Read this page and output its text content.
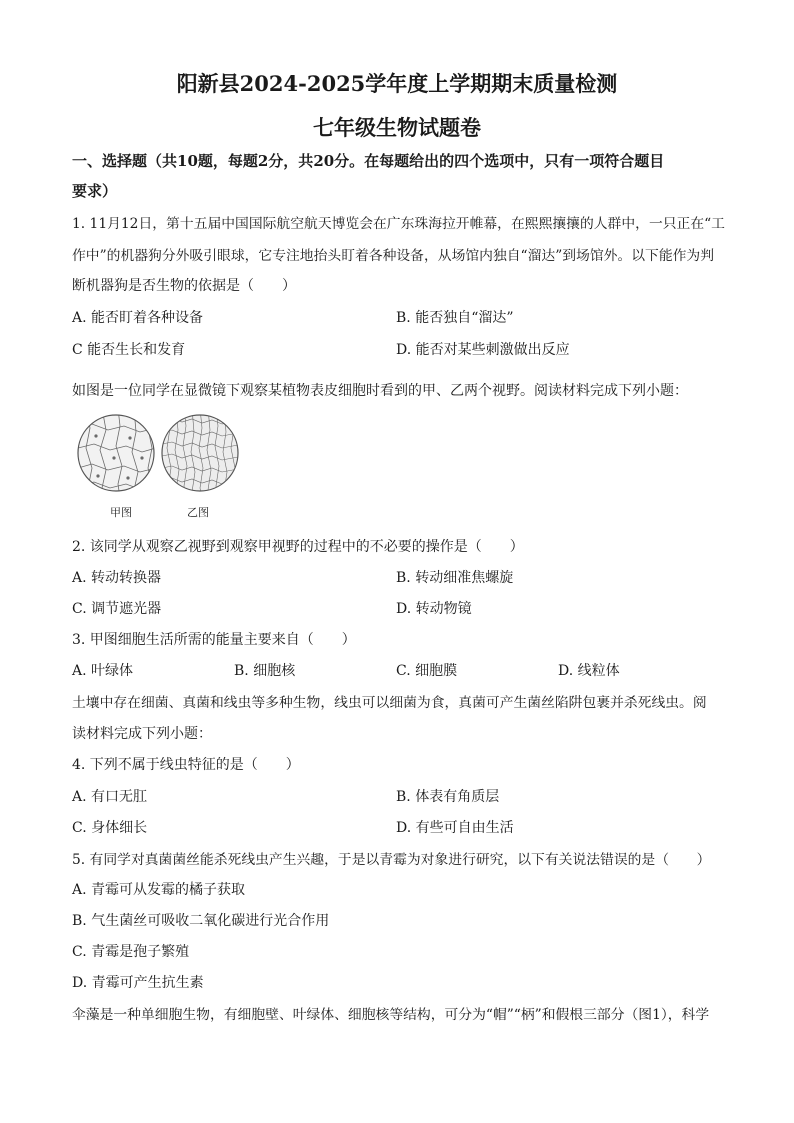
阳新县2024-2025学年度上学期期末质量检测
七年级生物试题卷
一、选择题（共10题，每题2分，共20分。在每题给出的四个选项中，只有一项符合题目
要求）
1. 11月12日，第十五届中国国际航空航天博览会在广东珠海拉开帷幕，在熙熙攘攘的人群中，一只正在“工
作中”的机器狗分外吸引眼球，它专注地抬头盯着各种设备，从场馆内独自“溜达”到场馆外。以下能作为判
断机器狗是否生物的依据是（　　）
A. 能否盯着各种设备	B. 能否独自“溜达”
C 能否生长和发育	D. 能否对某些刺激做出反应
如图是一位同学在显微镜下观察某植物表皮细胞时看到的甲、乙两个视野。阅读材料完成下列小题：
甲图	乙图
2. 该同学从观察乙视野到观察甲视野的过程中的不必要的操作是（　　）
A. 转动转换器	B. 转动细准焦螺旋
C. 调节遮光器	D. 转动物镜
3. 甲图细胞生活所需的能量主要来自（　　）
A. 叶绿体	B. 细胞核	C. 细胞膜	D. 线粒体
土壤中存在细菌、真菌和线虫等多种生物，线虫可以细菌为食，真菌可产生菌丝陷阱包裹并杀死线虫。阅
读材料完成下列小题：
4. 下列不属于线虫特征的是（　　）
A. 有口无肛	B. 体表有角质层
C. 身体细长	D. 有些可自由生活
5. 有同学对真菌菌丝能杀死线虫产生兴趣，于是以青霉为对象进行研究，以下有关说法错误的是（　　）
A. 青霉可从发霉的橘子获取
B. 气生菌丝可吸收二氧化碳进行光合作用
C. 青霉是孢子繁殖
D. 青霉可产生抗生素
伞藻是一种单细胞生物，有细胞壁、叶绿体、细胞核等结构，可分为“帽”“柄”和假根三部分（图1），科学
